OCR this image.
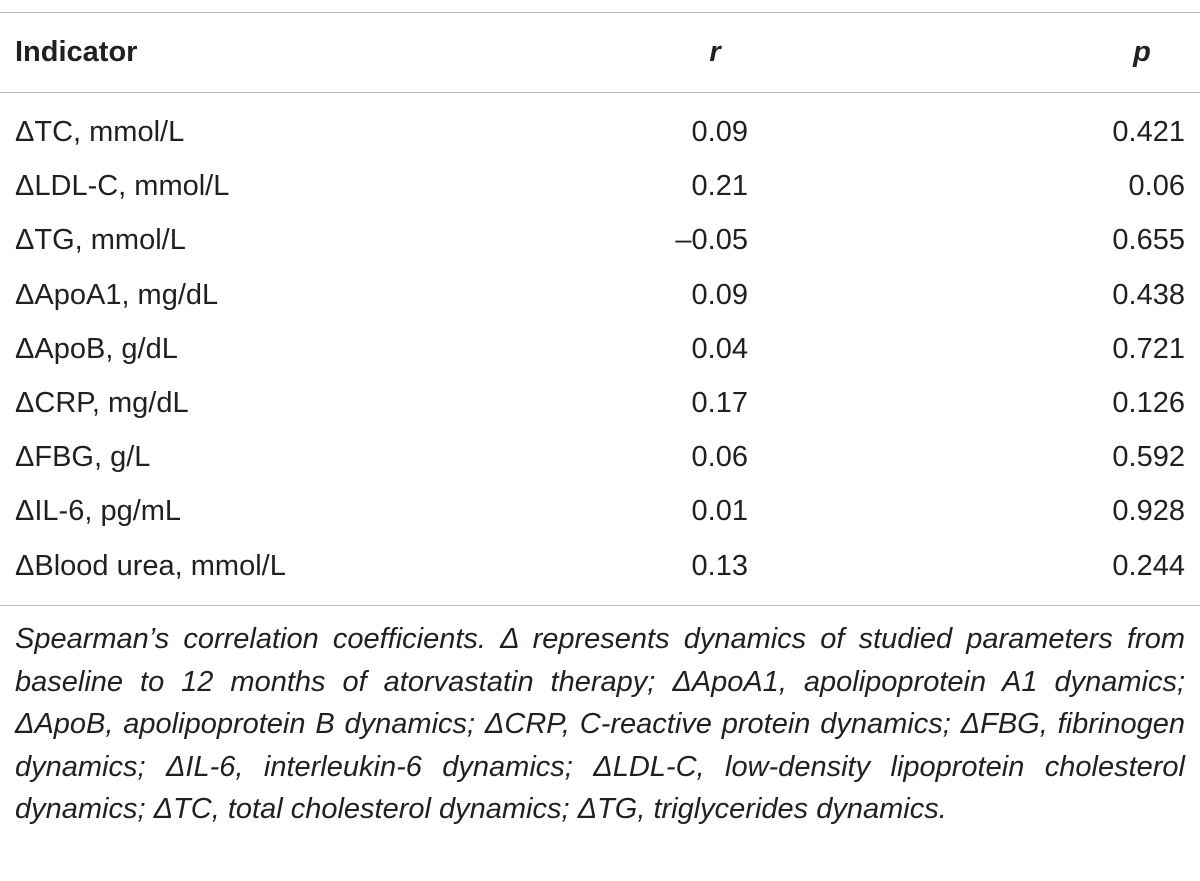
Indicator	r	p
ΔTC, mmol/L	0.09	0.421
ΔLDL-C, mmol/L	0.21	0.06
ΔTG, mmol/L	–0.05	0.655
ΔApoA1, mg/dL	0.09	0.438
ΔApoB, g/dL	0.04	0.721
ΔCRP, mg/dL	0.17	0.126
ΔFBG, g/L	0.06	0.592
ΔIL-6, pg/mL	0.01	0.928
ΔBlood urea, mmol/L	0.13	0.244

Spearman’s correlation coefficients. Δ represents dynamics of studied parameters from baseline to 12 months of atorvastatin therapy; ΔApoA1, apolipoprotein A1 dynamics; ΔApoB, apolipoprotein B dynamics; ΔCRP, C-reactive protein dynamics; ΔFBG, fibrinogen dynamics; ΔIL-6, interleukin-6 dynamics; ΔLDL-C, low-density lipoprotein cholesterol dynamics; ΔTC, total cholesterol dynamics; ΔTG, triglycerides dynamics.
